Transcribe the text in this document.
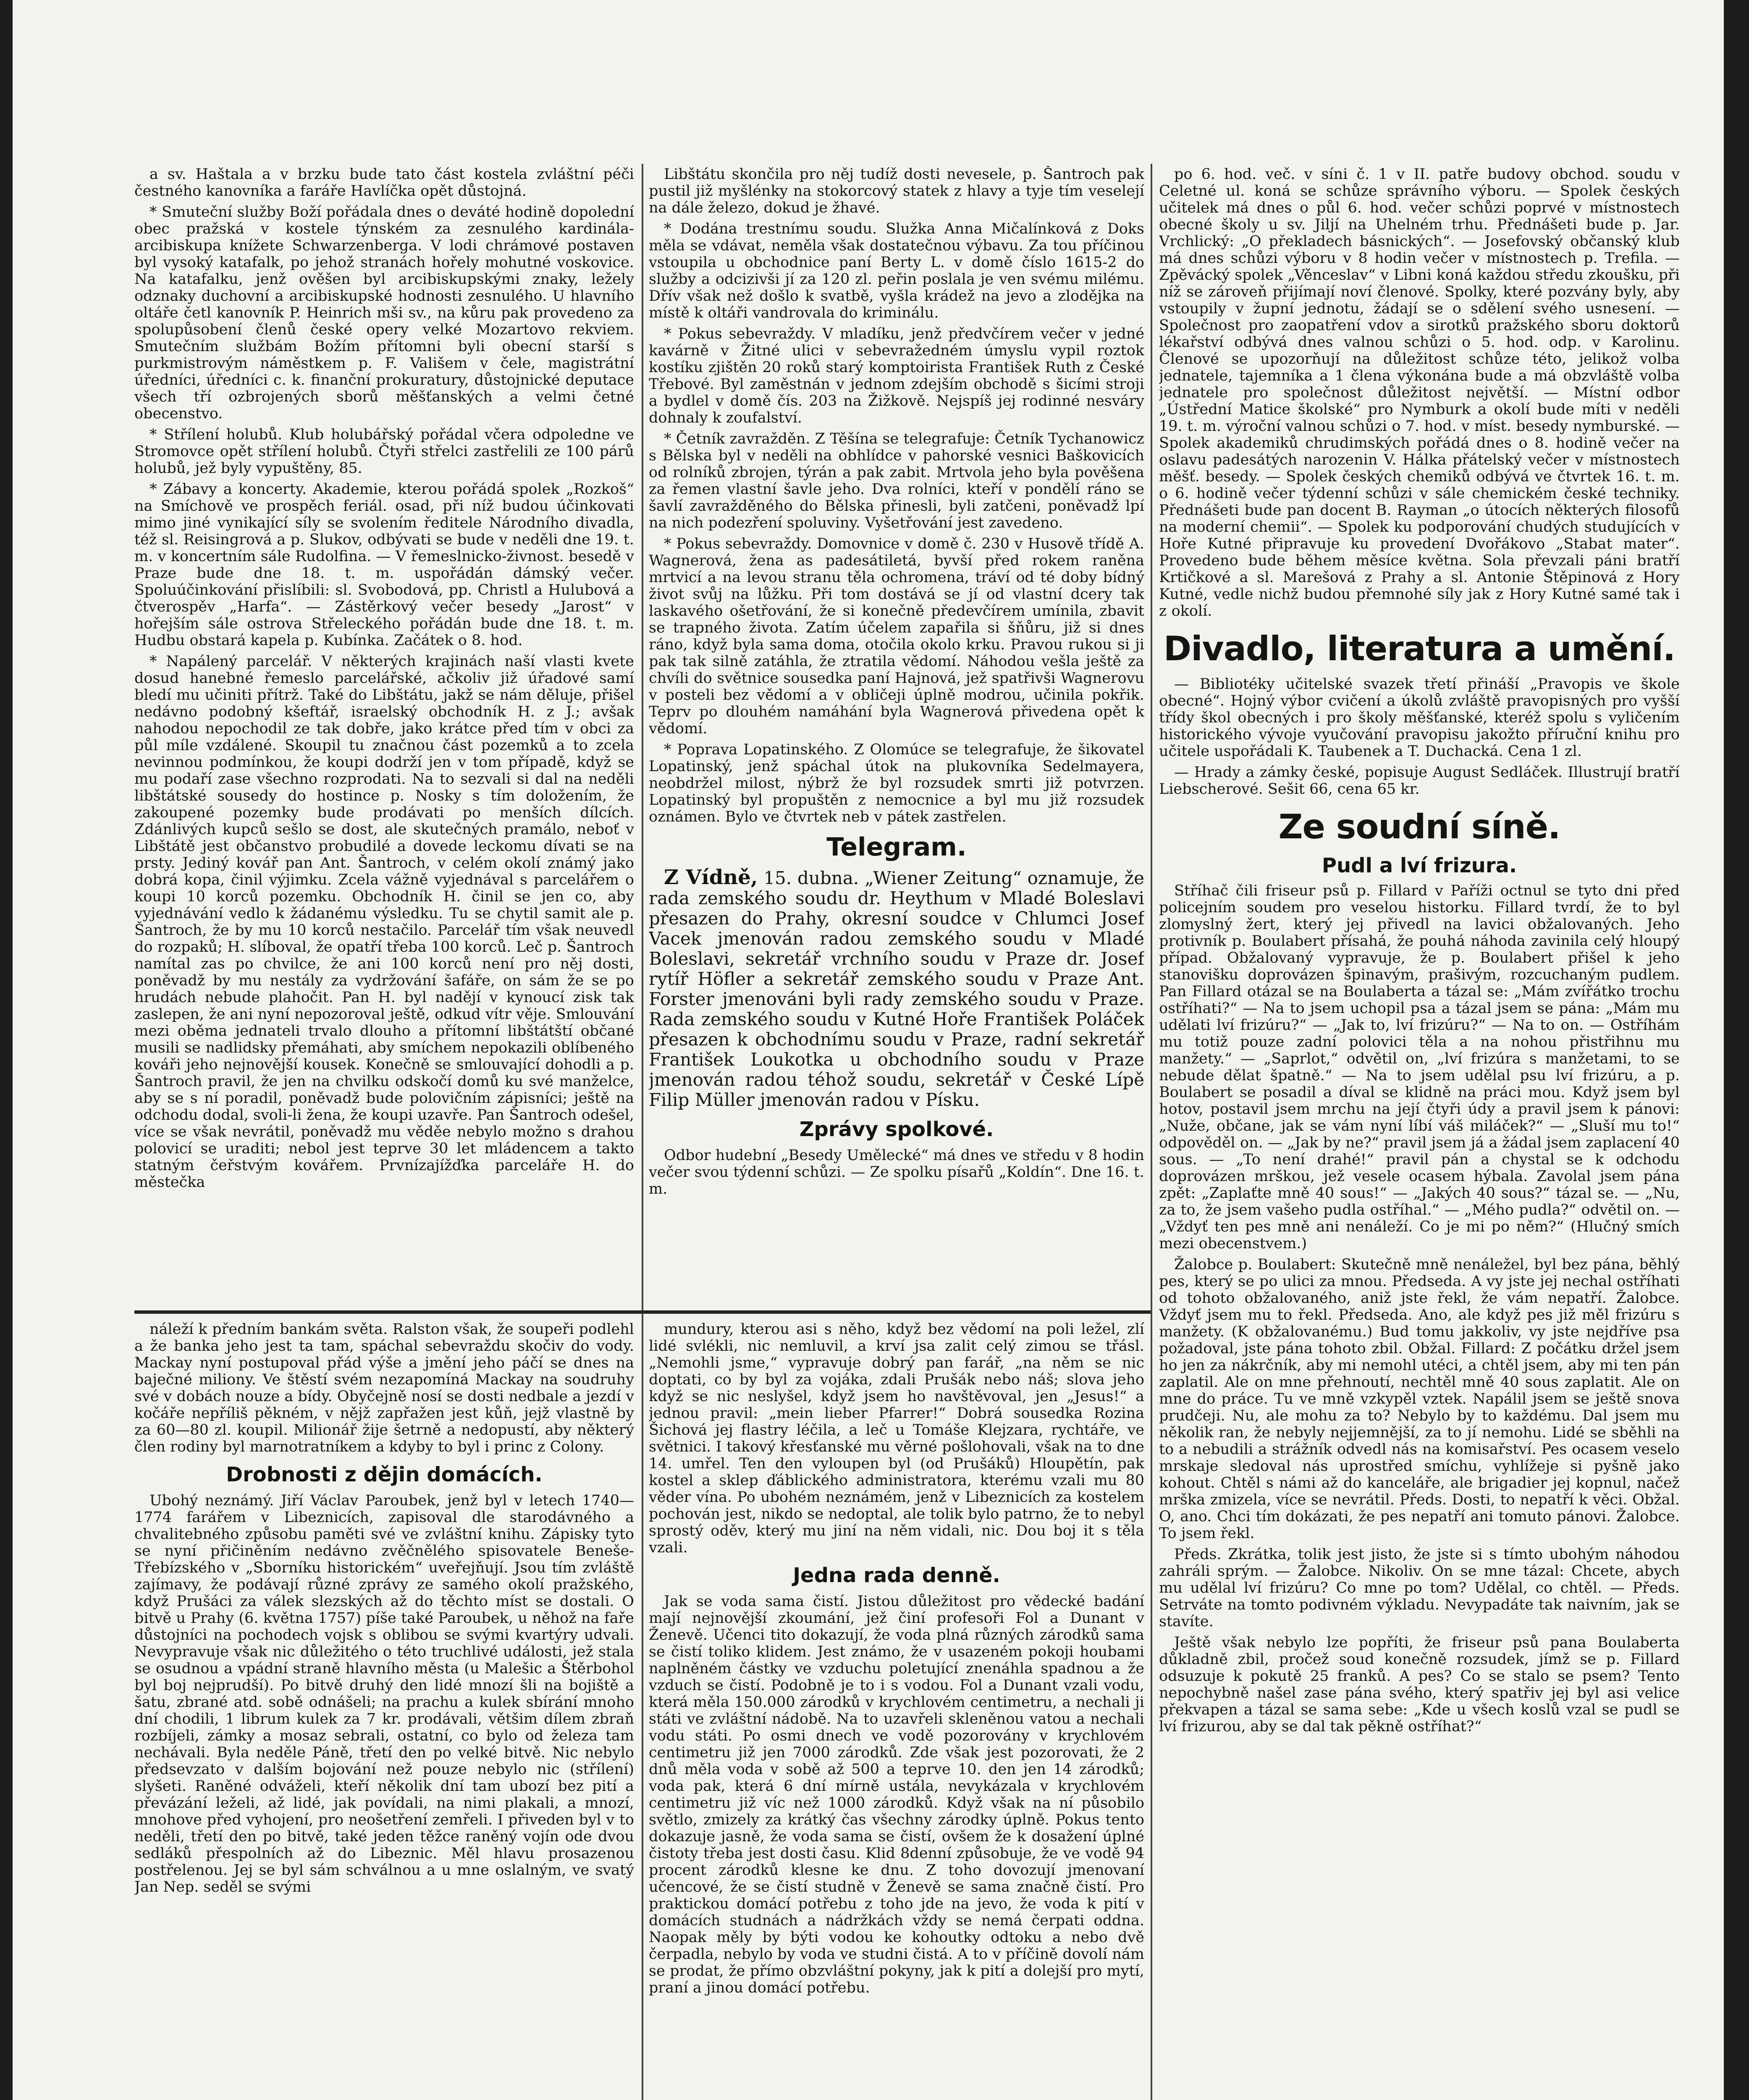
a sv. Haštala a v brzku bude tato část kostela zvláštní péči čestného kanovníka a faráře Havlíčka opět důstojná.

* Smuteční služby Boží pořádala dnes o deváté hodině dopolední obec pražská v kostele týnském za zesnulého kardinála-arcibiskupa knížete Schwarzenberga. V lodi chrámové postaven byl vysoký katafalk, po jehož stranách hořely mohutné voskovice. Na katafalku, jenž ověšen byl arcibiskupskými znaky, ležely odznaky duchovní a arcibiskupské hodnosti zesnulého. U hlavního oltáře četl kanovník P. Heinrich mši sv., na kůru pak provedeno za spolupůsobení členů české opery velké Mozartovo rekviem. Smutečním službám Božím přítomni byli obecní starší s purkmistrovým náměstkem p. F. Vališem v čele, magistrátní úředníci, úředníci c. k. finanční prokuratury, důstojnické deputace všech tří ozbrojených sborů měšťanských a velmi četné obecenstvo.

* Střílení holubů. Klub holubářský pořádal včera odpoledne ve Stromovce opět střílení holubů. Čtyři střelci zastřelili ze 100 párů holubů, jež byly vypuštěny, 85.

* Zábavy a koncerty. Akademie, kterou pořádá spolek „Rozkoš“ na Smíchově ve prospěch feriál. osad, při níž budou účinkovati mimo jiné vynikající síly se svolením ředitele Národního divadla, též sl. Reisingrová a p. Slukov, odbývati se bude v neděli dne 19. t. m. v koncertním sále Rudolfina. — V řemeslnicko-živnost. besedě v Praze bude dne 18. t. m. uspořádán dámský večer. Spoluúčinkování přislíbili: sl. Svobodová, pp. Christl a Hulubová a čtverospěv „Harfa“. — Zástěrkový večer besedy „Jarost“ v hořejším sále ostrova Střeleckého pořádán bude dne 18. t. m. Hudbu obstará kapela p. Kubínka. Začátek o 8. hod.

* Napálený parcelář. V některých krajinách naší vlasti kvete dosud hanebné řemeslo parcelářské, ačkoliv již úřadové samí bledí mu učiniti přítrž. Také do Libštátu, jakž se nám děluje, přišel nedávno podobný kšeftář, israelský obchodník H. z J.; avšak nahodou nepochodil ze tak dobře, jako krátce před tím v obci za půl míle vzdálené. Skoupil tu značnou část pozemků a to zcela nevinnou podmínkou, že koupi dodrží jen v tom případě, když se mu podaří zase všechno rozprodati. Na to sezvali si dal na neděli libštátské sousedy do hostince p. Nosky s tím doložením, že zakoupené pozemky bude prodávati po menších dílcích. Zdánlivých kupců sešlo se dost, ale skutečných pramálo, neboť v Libštátě jest občanstvo probudilé a dovede leckomu dívati se na prsty. Jediný kovář pan Ant. Šantroch, v celém okolí známý jako dobrá kopa, činil výjimku. Zcela vážně vyjednával s parcelářem o koupi 10 korců pozemku. Obchodník H. činil se jen co, aby vyjednávání vedlo k žádanému výsledku. Tu se chytil samit ale p. Šantroch, že by mu 10 korců nestačilo. Parcelář tím však neuvedl do rozpaků; H. slíboval, že opatří třeba 100 korců. Leč p. Šantroch namítal zas po chvilce, že ani 100 korců není pro něj dosti, poněvadž by mu nestály za vydržování šafáře, on sám že se po hrudách nebude plahočit. Pan H. byl nadějí v kynoucí zisk tak zaslepen, že ani nyní nepozoroval ještě, odkud vítr věje. Smlouvání mezi oběma jednateli trvalo dlouho a přítomní libštátští občané musili se nadlidsky přemáhati, aby smíchem nepokazili oblíbeného kováři jeho nejnovější kousek. Konečně se smlouvající dohodli a p. Šantroch pravil, že jen na chvilku odskočí domů ku své manželce, aby se s ní poradil, poněvadž bude polovičním zápisníci; ještě na odchodu dodal, svoli-li žena, že koupi uzavře. Pan Šantroch odešel, více se však nevrátil, poněvadž mu věděe nebylo možno s drahou polovicí se uraditi; nebol jest teprve 30 let mládencem a takto statným čeřstvým kovářem. Prvnízajížďka parceláře H. do městečka

Libštátu skončila pro něj tudíž dosti nevesele, p. Šantroch pak pustil již myšlénky na stokorcový statek z hlavy a tyje tím veselejí na dále železo, dokud je žhavé.

* Dodána trestnímu soudu. Služka Anna Mičalínková z Doks měla se vdávat, neměla však dostatečnou výbavu. Za tou příčinou vstoupila u obchodnice paní Berty L. v domě číslo 1615-2 do služby a odcizivši jí za 120 zl. peřin poslala je ven svému milému. Dřív však než došlo k svatbě, vyšla krádež na jevo a zlodějka na místě k oltáři vandrovala do kriminálu.

* Pokus sebevraždy. V mladíku, jenž předvčírem večer v jedné kavárně v Žitné ulici v sebevražedném úmyslu vypil roztok kostíku zjištěn 20 roků starý komptoirista František Ruth z České Třebové. Byl zaměstnán v jednom zdejším obchodě s šicími stroji a bydlel v domě čís. 203 na Žižkově. Nejspíš jej rodinné nesváry dohnaly k zoufalství.

* Četník zavražděn. Z Těšína se telegrafuje: Četník Tychanowicz s Bělska byl v neděli na obhlídce v pahorské vesnici Baškovicích od rolníků zbrojen, týrán a pak zabit. Mrtvola jeho byla pověšena za řemen vlastní šavle jeho. Dva rolníci, kteří v pondělí ráno se šavlí zavražděného do Bělska přinesli, byli zatčeni, poněvadž lpí na nich podezření spoluviny. Vyšetřování jest zavedeno.

* Pokus sebevraždy. Domovnice v domě č. 230 v Husově třídě A. Wagnerová, žena as padesátiletá, byvší před rokem raněna mrtvicí a na levou stranu těla ochromena, tráví od té doby bídný život svůj na lůžku. Při tom dostává se jí od vlastní dcery tak laskavého ošetřování, že si konečně předevčírem umínila, zbavit se trapného života. Zatím účelem zapařila si šňůru, již si dnes ráno, když byla sama doma, otočila okolo krku. Pravou rukou si ji pak tak silně zatáhla, že ztratila vědomí. Náhodou vešla ještě za chvíli do světnice sousedka paní Hajnová, jež spatřivši Wagnerovu v posteli bez vědomí a v obličeji úplně modrou, učinila pokřik. Teprv po dlouhém namáhání byla Wagnerová přivedena opět k vědomí.

* Poprava Lopatinského. Z Olomúce se telegrafuje, že šikovatel Lopatinský, jenž spáchal útok na plukovníka Sedelmayera, neobdržel milost, nýbrž že byl rozsudek smrti již potvrzen. Lopatinský byl propuštěn z nemocnice a byl mu již rozsudek oznámen. Bylo ve čtvrtek neb v pátek zastřelen.

Telegram.
Z Vídně, 15. dubna. „Wiener Zeitung“ oznamuje, že rada zemského soudu dr. Heythum v Mladé Boleslavi přesazen do Prahy, okresní soudce v Chlumci Josef Vacek jmenován radou zemského soudu v Mladé Boleslavi, sekretář vrchního soudu v Praze dr. Josef rytíř Höfler a sekretář zemského soudu v Praze Ant. Forster jmenováni byli rady zemského soudu v Praze. Rada zemského soudu v Kutné Hoře František Poláček přesazen k obchodnímu soudu v Praze, radní sekretář František Loukotka u obchodního soudu v Praze jmenován radou téhož soudu, sekretář v České Lípě Filip Müller jmenován radou v Písku.
Zprávy spolkové.

Odbor hudební „Besedy Umělecké“ má dnes ve středu v 8 hodin večer svou týdenní schůzi. — Ze spolku písařů „Koldín“. Dne 16. t. m.

po 6. hod. več. v síni č. 1 v II. patře budovy obchod. soudu v Celetné ul. koná se schůze správního výboru. — Spolek českých učitelek má dnes o půl 6. hod. večer schůzi poprvé v místnostech obecné školy u sv. Jiljí na Uhelném trhu. Přednášeti bude p. Jar. Vrchlický: „O překladech básnických“. — Josefovský občanský klub má dnes schůzi výboru v 8 hodin večer v místnostech p. Trefila. — Zpěvácký spolek „Věnceslav“ v Libni koná každou středu zkoušku, při níž se zároveň přijímají noví členové. Spolky, které pozvány byly, aby vstoupily v župní jednotu, žádají se o sdělení svého usnesení. — Společnost pro zaopatření vdov a sirotků pražského sboru doktorů lékařství odbývá dnes valnou schůzi o 5. hod. odp. v Karolinu. Členové se upozorňují na důležitost schůze této, jelikož volba jednatele, tajemníka a 1 člena výkonána bude a má obzvláště volba jednatele pro společnost důležitost největší. — Místní odbor „Ústřední Matice školské“ pro Nymburk a okolí bude míti v neděli 19. t. m. výroční valnou schůzi o 7. hod. v míst. besedy nymburské. — Spolek akademiků chrudimských pořádá dnes o 8. hodině večer na oslavu padesátých narozenin V. Hálka přátelský večer v místnostech měšť. besedy. — Spolek českých chemiků odbývá ve čtvrtek 16. t. m. o 6. hodině večer týdenní schůzi v sále chemickém české techniky. Přednášeti bude pan docent B. Rayman „o útocích některých filosofů na moderní chemii“. — Spolek ku podporování chudých studujících v Hoře Kutné připravuje ku provedení Dvořákovo „Stabat mater“. Provedeno bude během měsíce května. Sola převzali páni bratří Krtičkové a sl. Marešová z Prahy a sl. Antonie Štěpinová z Hory Kutné, vedle nichž budou přemnohé síly jak z Hory Kutné samé tak i z okolí.

Divadlo, literatura a umění.

— Bibliotéky učitelské svazek třetí přináší „Pravopis ve škole obecné“. Hojný výbor cvičení a úkolů zvláště pravopisných pro vyšší třídy škol obecných i pro školy měšťanské, kteréž spolu s vyličením historického vývoje vyučování pravopisu jakožto příruční knihu pro učitele uspořádali K. Taubenek a T. Duchacká. Cena 1 zl.

— Hrady a zámky české, popisuje August Sedláček. Illustrují bratří Liebscherové. Sešit 66, cena 65 kr.

Ze soudní síně.
Pudl a lví frizura.

Stříhač čili friseur psů p. Fillard v Paříži octnul se tyto dni před policejním soudem pro veselou historku. Fillard tvrdí, že to byl zlomyslný žert, který jej přivedl na lavici obžalovaných. Jeho protivník p. Boulabert přísahá, že pouhá náhoda zavinila celý hloupý případ. Obžalovaný vypravuje, že p. Boulabert přišel k jeho stanovišku doprovázen špinavým, prašivým, rozcuchaným pudlem. Pan Fillard otázal se na Boulaberta a tázal se: „Mám zvířátko trochu ostříhati?“ — Na to jsem uchopil psa a tázal jsem se pána: „Mám mu udělati lví frizúru?“ — „Jak to, lví frizúru?“ — Na to on. — Ostříhám mu totiž pouze zadní polovici těla a na nohou přistřihnu mu manžety.“ — „Saprlot,“ odvětil on, „lví frizúra s manžetami, to se nebude dělat špatně.“ — Na to jsem udělal psu lví frizúru, a p. Boulabert se posadil a díval se klidně na práci mou. Když jsem byl hotov, postavil jsem mrchu na její čtyři údy a pravil jsem k pánovi: „Nuže, občane, jak se vám nyní líbí váš miláček?“ — „Sluší mu to!“ odpověděl on. — „Jak by ne?“ pravil jsem já a žádal jsem zaplacení 40 sous. — „To není drahé!“ pravil pán a chystal se k odchodu doprovázen mrškou, jež vesele ocasem hýbala. Zavolal jsem pána zpět: „Zaplaťte mně 40 sous!“ — „Jakých 40 sous?“ tázal se. — „Nu, za to, že jsem vašeho pudla ostříhal.“ — „Mého pudla?“ odvětil on. — „Vždyť ten pes mně ani nenáleží. Co je mi po něm?“ (Hlučný smích mezi obecenstvem.)

Žalobce p. Boulabert: Skutečně mně nenáležel, byl bez pána, běhlý pes, který se po ulici za mnou. Předseda. A vy jste jej nechal ostříhati od tohoto obžalovaného, aniž jste řekl, že vám nepatří. Žalobce. Vždyť jsem mu to řekl. Předseda. Ano, ale když pes již měl frizúru s manžety. (K obžalovanému.) Bud tomu jakkoliv, vy jste nejdříve psa požadoval, jste pána tohoto zbil. Obžal. Fillard: Z počátku držel jsem ho jen za nákrčník, aby mi nemohl utéci, a chtěl jsem, aby mi ten pán zaplatil. Ale on mne přehnoutí, nechtěl mně 40 sous zaplatit. Ale on mne do práce. Tu ve mně vzkypěl vztek. Napálil jsem se ještě snova prudčeji. Nu, ale mohu za to? Nebylo by to každému. Dal jsem mu několik ran, že nebyly nejjemnější, za to jí nemohu. Lidé se sběhli na to a nebudili a strážník odvedl nás na komisařství. Pes ocasem veselo mrskaje sledoval nás uprostřed smíchu, vyhlížeje si pyšně jako kohout. Chtěl s námi až do kanceláře, ale brigadier jej kopnul, načež mrška zmizela, více se nevrátil. Předs. Dosti, to nepatří k věci. Obžal. O, ano. Chci tím dokázati, že pes nepatří ani tomuto pánovi. Žalobce. To jsem řekl.

Předs. Zkrátka, tolik jest jisto, že jste si s tímto ubohým náhodou zahráli sprým. — Žalobce. Nikoliv. On se mne tázal: Chcete, abych mu udělal lví frizúru? Co mne po tom? Udělal, co chtěl. — Předs. Setrváte na tomto podivném výkladu. Nevypadáte tak naivním, jak se stavíte.

Ještě však nebylo lze popříti, že friseur psů pana Boulaberta důkladně zbil, pročež soud konečně rozsudek, jímž se p. Fillard odsuzuje k pokutě 25 franků. A pes? Co se stalo se psem? Tento nepochybně našel zase pána svého, který spatřiv jej byl asi velice překvapen a tázal se sama sebe: „Kde u všech koslů vzal se pudl se lví frizurou, aby se dal tak pěkně ostříhat?“

náleží k předním bankám světa. Ralston však, že soupeři podlehl a že banka jeho jest ta tam, spáchal sebevraždu skočiv do vody. Mackay nyní postupoval přád výše a jmění jeho páčí se dnes na baječné miliony. Ve štěstí svém nezapomíná Mackay na soudruhy své v dobách nouze a bídy. Obyčejně nosí se dosti nedbale a jezdí v kočáře nepříliš pěkném, v nějž zapřažen jest kůň, jejž vlastně by za 60—80 zl. koupil. Milionář žije šetrně a nedopustí, aby některý člen rodiny byl marnotratníkem a kdyby to byl i princ z Colony.

Drobnosti z dějin domácích.

Ubohý neznámý. Jiří Václav Paroubek, jenž byl v letech 1740—1774 farářem v Libeznicích, zapisoval dle starodávného a chvalitebného způsobu paměti své ve zvláštní knihu. Zápisky tyto se nyní přičiněním nedávno zvěčnělého spisovatele Beneše-Třebízského v „Sborníku historickém“ uveřejňují. Jsou tím zvláště zajímavy, že podávají různé zprávy ze samého okolí pražského, když Prušáci za válek slezských až do těchto míst se dostali. O bitvě u Prahy (6. května 1757) píše také Paroubek, u něhož na faře důstojníci na pochodech vojsk s oblibou se svými kvartýry udvali. Nevypravuje však nic důležitého o této truchlivé události, jež stala se osudnou a vpádní straně hlavního města (u Malešic a Štěrbohol byl boj nejprudší). Po bitvě druhý den lidé mnozí šli na bojiště a šatu, zbrané atd. sobě odnášeli; na prachu a kulek sbírání mnoho dní chodili, 1 librum kulek za 7 kr. prodávali, většim dílem zbraň rozbíjeli, zámky a mosaz sebrali, ostatní, co bylo od železa tam nechávali. Byla neděle Páně, třetí den po velké bitvě. Nic nebylo předsevzato v dalším bojování než pouze nebylo nic (střílení) slyšeti. Raněné odváželi, kteří několik dní tam ubozí bez pití a převázání leželi, až lidé, jak povídali, na nimi plakali, a mnozí, mnohove před vyhojení, pro neošetření zemřeli. I přiveden byl v to neděli, třetí den po bitvě, také jeden těžce raněný vojín ode dvou sedláků přespolních až do Libeznic. Měl hlavu prosazenou postřelenou. Jej se byl sám schválnou a u mne oslalným, ve svatý Jan Nep. seděl se svými

mundury, kterou asi s něho, když bez vědomí na poli ležel, zlí lidé svlékli, nic nemluvil, a krví jsa zalit celý zimou se třásl. „Nemohli jsme,“ vypravuje dobrý pan farář, „na něm se nic doptati, co by byl za vojáka, zdali Prušák nebo náš; slova jeho když se nic neslyšel, když jsem ho navštěvoval, jen „Jesus!“ a jednou pravil: „mein lieber Pfarrer!“ Dobrá sousedka Rozina Šichová jej flastry léčila, a leč u Tomáše Klejzara, rychtáře, ve světnici. I takový křesťanské mu věrné pošlohovali, však na to dne 14. umřel. Ten den vyloupen byl (od Prušáků) Hloupětín, pak kostel a sklep ďáblického administratora, kterému vzali mu 80 věder vína. Po ubohém neznámém, jenž v Libeznicích za kostelem pochován jest, nikdo se nedoptal, ale tolik bylo patrno, že to nebyl sprostý oděv, který mu jiní na něm vidali, nic. Dou boj it s těla vzali.

Jedna rada denně.

Jak se voda sama čistí. Jistou důležitost pro vědecké badání mají nejnovější zkoumání, jež činí profesoři Fol a Dunant v Ženevě. Učenci tito dokazují, že voda plná různých zárodků sama se čistí toliko klidem. Jest známo, že v usazeném pokoji houbami naplněném částky ve vzduchu poletující znenáhla spadnou a že vzduch se čistí. Podobně je to i s vodou. Fol a Dunant vzali vodu, která měla 150.000 zárodků v krychlovém centimetru, a nechali ji státi ve zvláštní nádobě. Na to uzavřeli skleněnou vatou a nechali vodu státi. Po osmi dnech ve vodě pozorovány v krychlovém centimetru již jen 7000 zárodků. Zde však jest pozorovati, že 2 dnů měla voda v sobě až 500 a teprve 10. den jen 14 zárodků; voda pak, která 6 dní mírně ustála, nevykázala v krychlovém centimetru již víc než 1000 zárodků. Když však na ní působilo světlo, zmizely za krátký čas všechny zárodky úplně. Pokus tento dokazuje jasně, že voda sama se čistí, ovšem že k dosažení úplné čistoty třeba jest dosti času. Klid 8denní způsobuje, že ve vodě 94 procent zárodků klesne ke dnu. Z toho dovozují jmenovaní učencové, že se čistí studně v Ženevě se sama značně čistí. Pro praktickou domácí potřebu z toho jde na jevo, že voda k pití v domácích studnách a nádržkách vždy se nemá čerpati oddna. Naopak měly by býti vodou ke kohoutky odtoku a nebo dvě čerpadla, nebylo by voda ve studni čistá. A to v příčině dovolí nám se prodat, že přímo obzvláštní pokyny, jak k pití a dolejší pro mytí, praní a jinou domácí potřebu.
